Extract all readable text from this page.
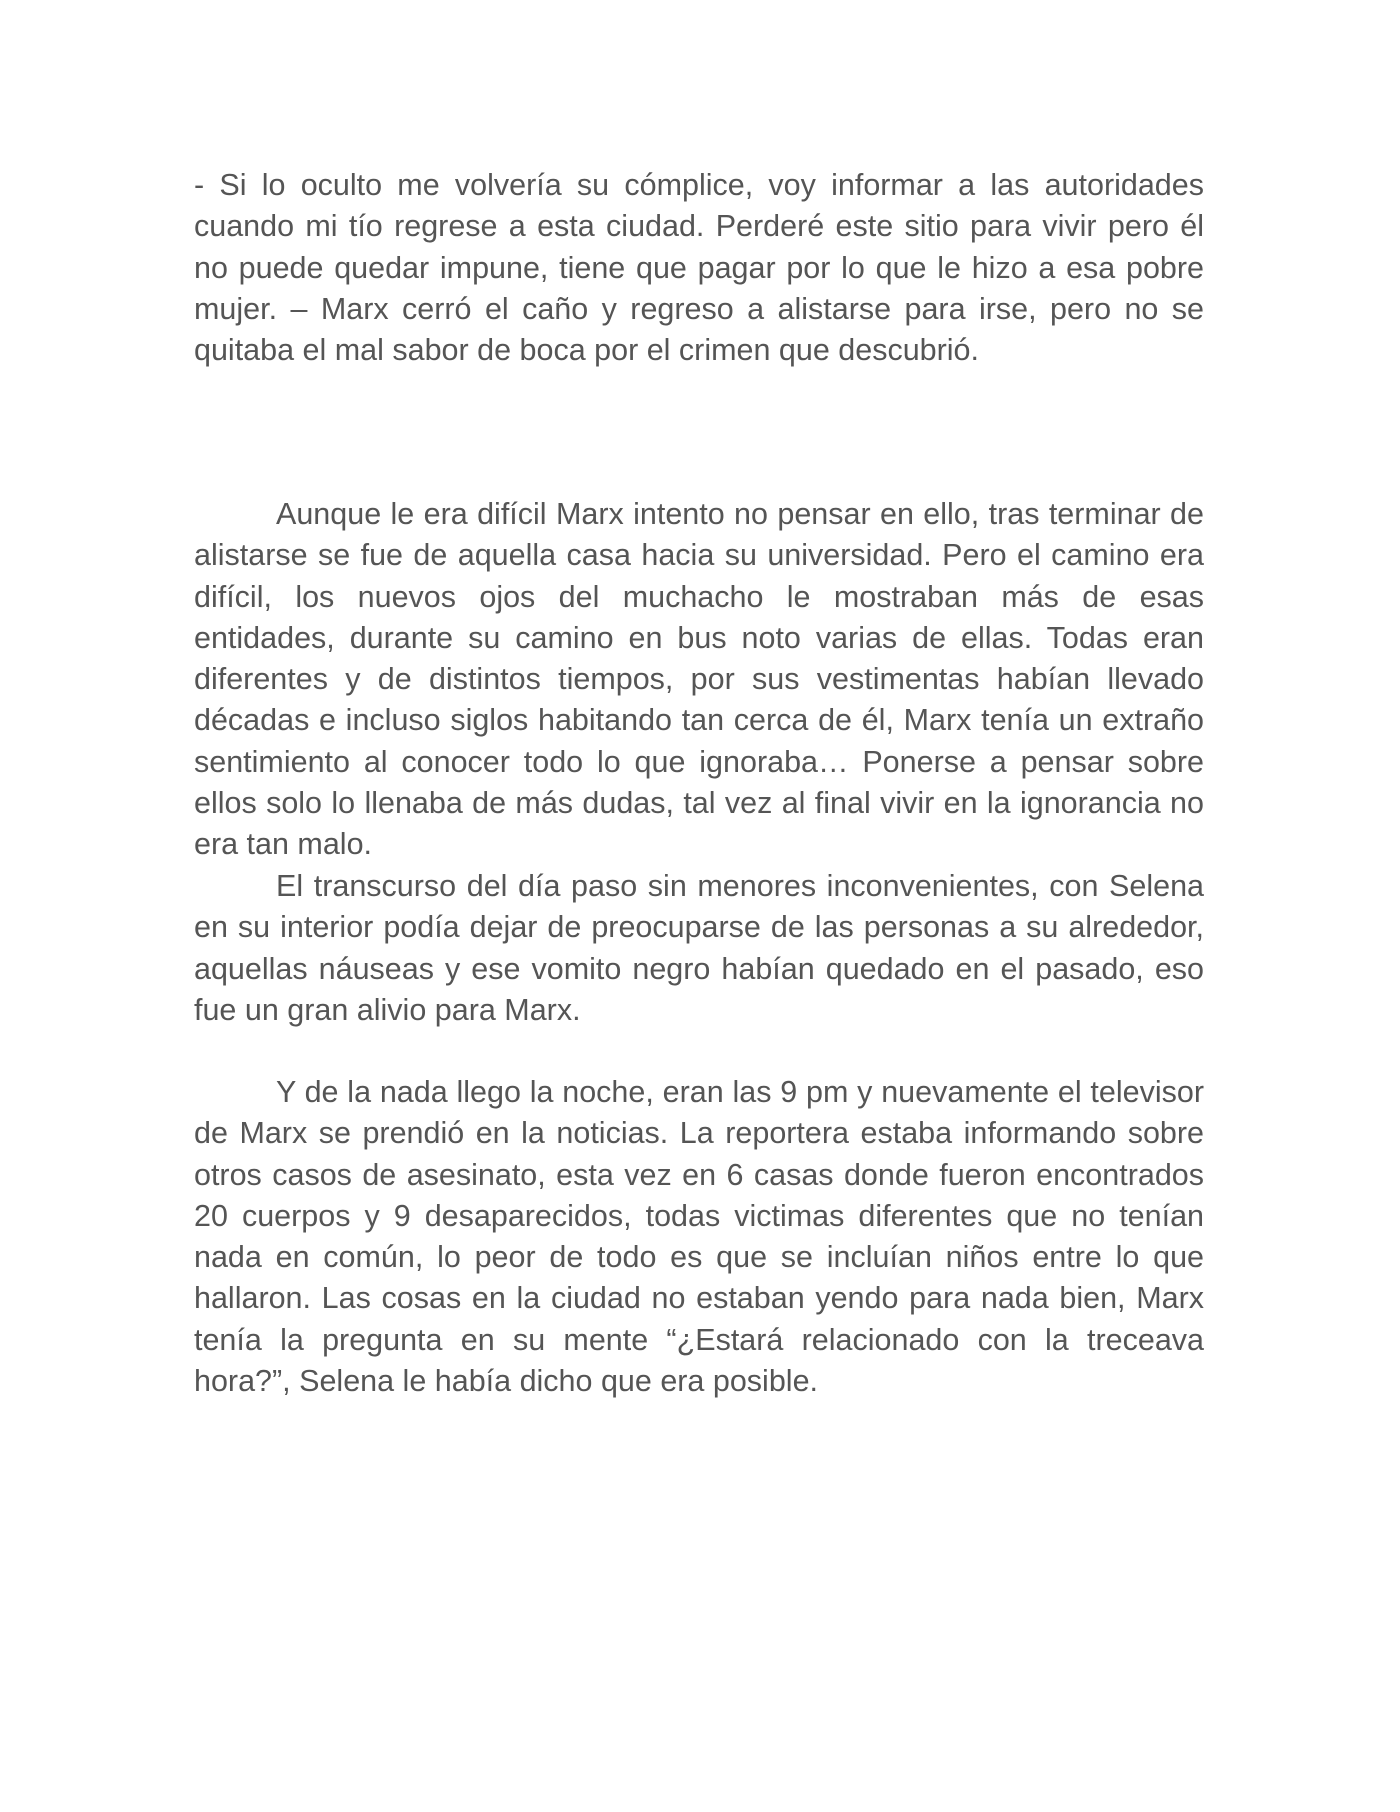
- Si lo oculto me volvería su cómplice, voy informar a las autoridades cuando mi tío regrese a esta ciudad. Perderé este sitio para vivir pero él no puede quedar impune, tiene que pagar por lo que le hizo a esa pobre mujer. – Marx cerró el caño y regreso a alistarse para irse, pero no se quitaba el mal sabor de boca por el crimen que descubrió.

Aunque le era difícil Marx intento no pensar en ello, tras terminar de alistarse se fue de aquella casa hacia su universidad. Pero el camino era difícil, los nuevos ojos del muchacho le mostraban más de esas entidades, durante su camino en bus noto varias de ellas. Todas eran diferentes y de distintos tiempos, por sus vestimentas habían llevado décadas e incluso siglos habitando tan cerca de él, Marx tenía un extraño sentimiento al conocer todo lo que ignoraba… Ponerse a pensar sobre ellos solo lo llenaba de más dudas, tal vez al final vivir en la ignorancia no era tan malo.

El transcurso del día paso sin menores inconvenientes, con Selena en su interior podía dejar de preocuparse de las personas a su alrededor, aquellas náuseas y ese vomito negro habían quedado en el pasado, eso fue un gran alivio para Marx.

Y de la nada llego la noche, eran las 9 pm y nuevamente el televisor de Marx se prendió en la noticias. La reportera estaba informando sobre otros casos de asesinato, esta vez en 6 casas donde fueron encontrados 20 cuerpos y 9 desaparecidos, todas victimas diferentes que no tenían nada en común, lo peor de todo es que se incluían niños entre lo que hallaron. Las cosas en la ciudad no estaban yendo para nada bien, Marx tenía la pregunta en su mente “¿Estará relacionado con la treceava hora?”, Selena le había dicho que era posible.
